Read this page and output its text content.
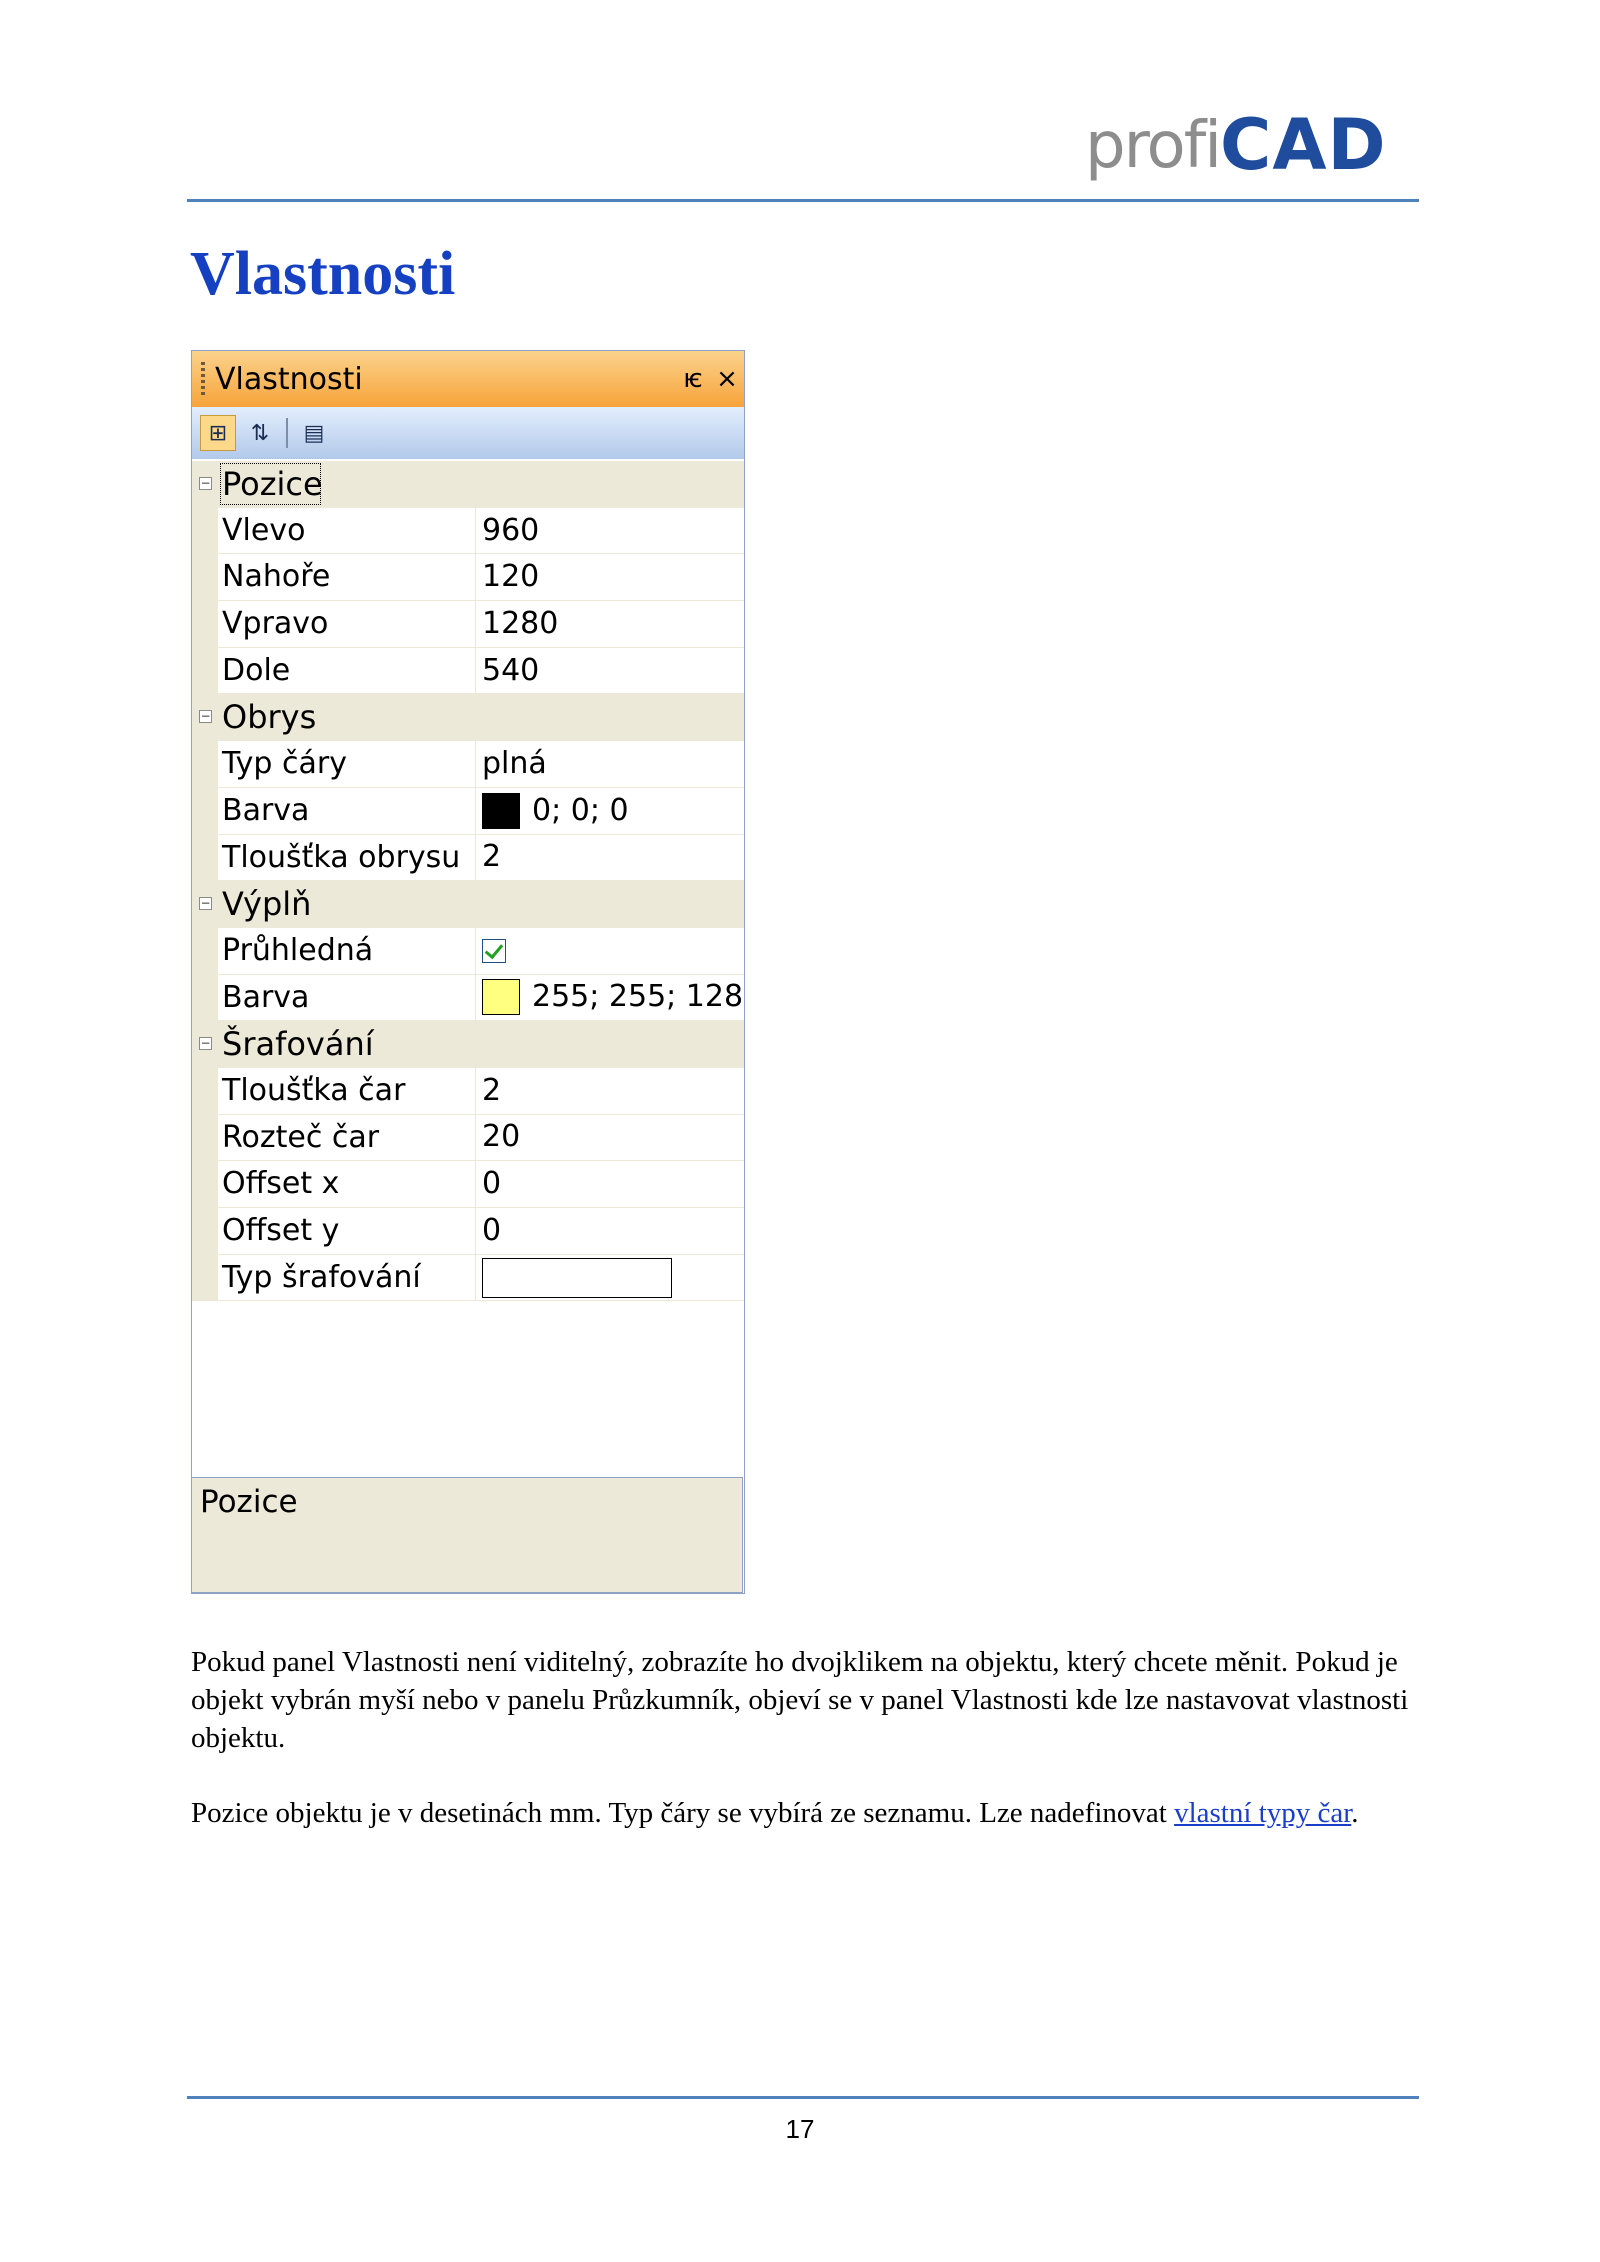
profi CAD
Vlastnosti
Vlastnosti	ѥ ×
⊞	⇅	▤
− Pozice
Vlevo	960
Nahoře	120
Vpravo	1280
Dole	540
− Obrys
Typ čáry	plná
Barva	0; 0; 0
Tloušťka obrysu 2
− Výplň
Průhledná
Barva	255; 255; 128
− Šrafování
Tloušťka čar	2
Rozteč čar	20
Offset x	0
Offset y	0
Typ šrafování
Pozice

Pokud panel Vlastnosti není viditelný, zobrazíte ho dvojklikem na objektu, který chcete měnit. Pokud je objekt vybrán myší nebo v panelu Průzkumník, objeví se v panel Vlastnosti kde lze nastavovat vlastnosti objektu.

Pozice objektu je v desetinách mm. Typ čáry se vybírá ze seznamu. Lze nadefinovat vlastní typy čar.

17
